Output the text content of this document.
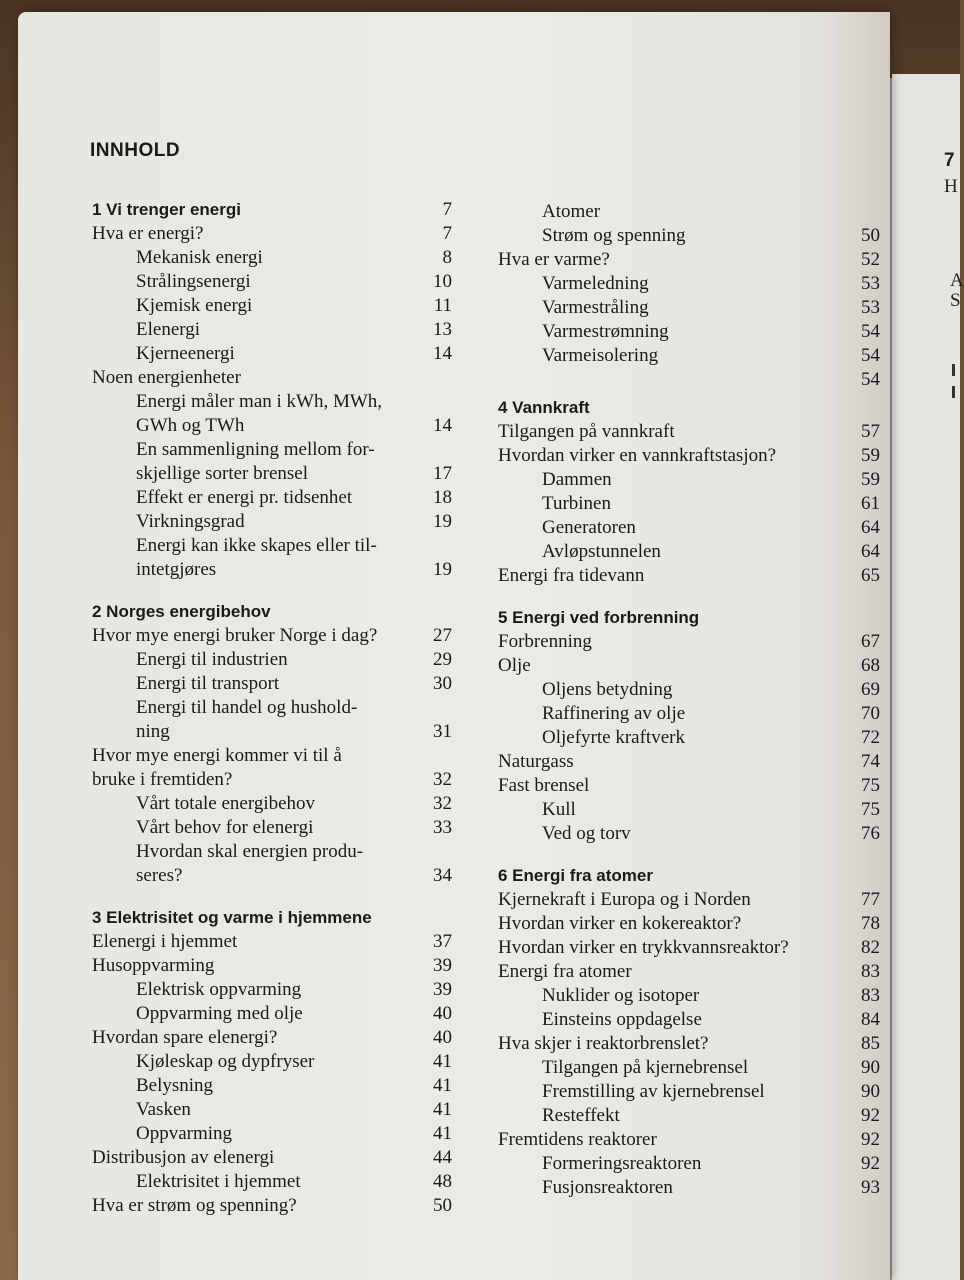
7
H
A
S
INNHOLD
1 Vi trenger energi	7
Hva er energi?	7
Mekanisk energi	8
Strålingsenergi	10
Kjemisk energi	11
Elenergi	13
Kjerneenergi	14
Noen energienheter
Energi måler man i kWh, MWh,
GWh og TWh	14
En sammenligning mellom for-
skjellige sorter brensel	17
Effekt er energi pr. tidsenhet	18
Virkningsgrad	19
Energi kan ikke skapes eller til-
intetgjøres	19
2 Norges energibehov
Hvor mye energi bruker Norge i dag?	27
Energi til industrien	29
Energi til transport	30
Energi til handel og hushold-
ning	31
Hvor mye energi kommer vi til å
bruke i fremtiden?	32
Vårt totale energibehov	32
Vårt behov for elenergi	33
Hvordan skal energien produ-
seres?	34
3 Elektrisitet og varme i hjemmene
Elenergi i hjemmet	37
Husoppvarming	39
Elektrisk oppvarming	39
Oppvarming med olje	40
Hvordan spare elenergi?	40
Kjøleskap og dypfryser	41
Belysning	41
Vasken	41
Oppvarming	41
Distribusjon av elenergi	44
Elektrisitet i hjemmet	48
Hva er strøm og spenning?	50
Atomer
Strøm og spenning	50
Hva er varme?	52
Varmeledning	53
Varmestråling	53
Varmestrømning	54
Varmeisolering	54
54
4 Vannkraft
Tilgangen på vannkraft	57
Hvordan virker en vannkraftstasjon?	59
Dammen	59
Turbinen	61
Generatoren	64
Avløpstunnelen	64
Energi fra tidevann	65
5 Energi ved forbrenning
Forbrenning	67
Olje	68
Oljens betydning	69
Raffinering av olje	70
Oljefyrte kraftverk	72
Naturgass	74
Fast brensel	75
Kull	75
Ved og torv	76
6 Energi fra atomer
Kjernekraft i Europa og i Norden	77
Hvordan virker en kokereaktor?	78
Hvordan virker en trykkvannsreaktor?	82
Energi fra atomer	83
Nuklider og isotoper	83
Einsteins oppdagelse	84
Hva skjer i reaktorbrenslet?	85
Tilgangen på kjernebrensel	90
Fremstilling av kjernebrensel	90
Resteffekt	92
Fremtidens reaktorer	92
Formeringsreaktoren	92
Fusjonsreaktoren	93
